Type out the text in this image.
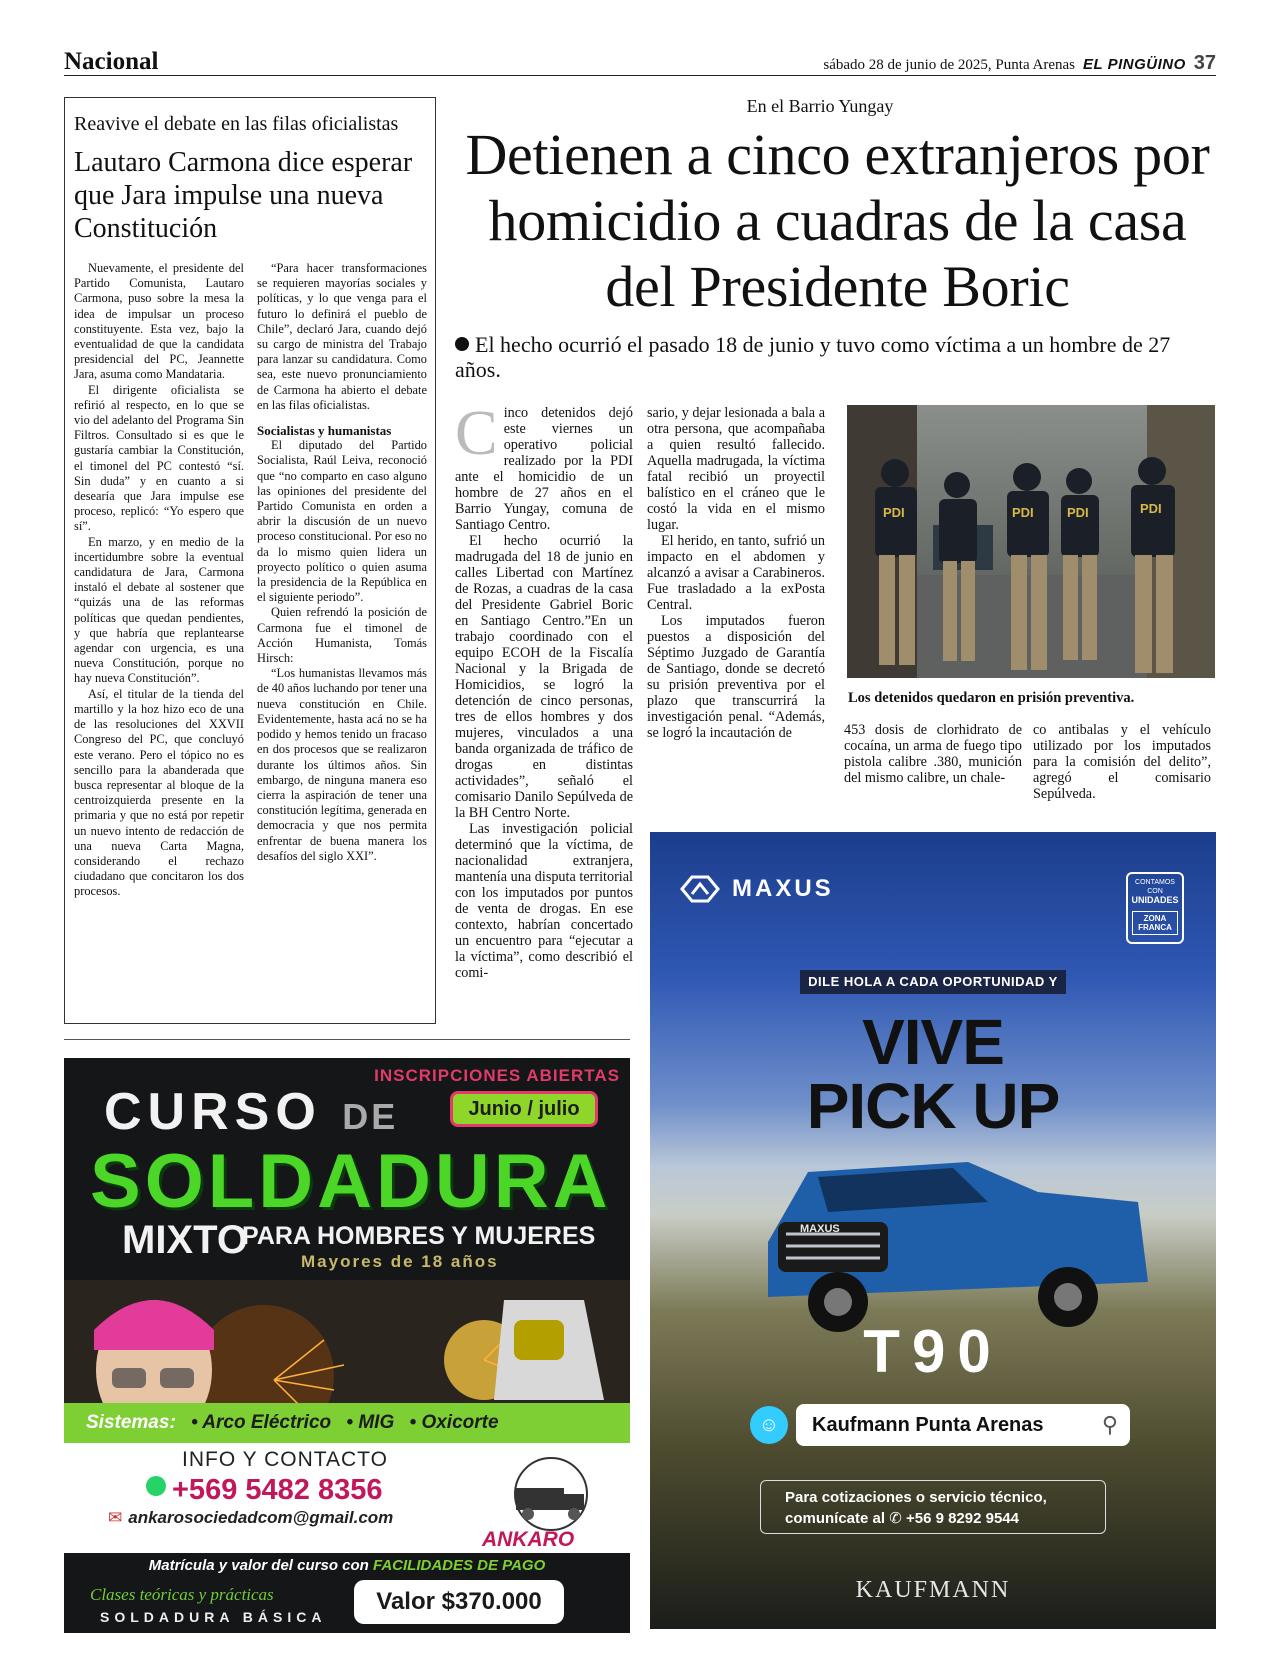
Nacional	sábado 28 de junio de 2025, Punta Arenas EL PINGÜINO 37
Reavive el debate en las filas oficialistas
Lautaro Carmona dice esperar que Jara impulse una nueva Constitución

Nuevamente, el presidente del Partido Comunista, Lautaro Carmona, puso sobre la mesa la idea de impulsar un proceso constituyente. Esta vez, bajo la eventualidad de que la candidata presidencial del PC, Jeannette Jara, asuma como Mandataria.

El dirigente oficialista se refirió al respecto, en lo que se vio del adelanto del Programa Sin Filtros. Consultado si es que le gustaría cambiar la Constitución, el timonel del PC contestó “sí. Sin duda” y en cuanto a si desearía que Jara impulse ese proceso, replicó: “Yo espero que sí”.

En marzo, y en medio de la incertidumbre sobre la eventual candidatura de Jara, Carmona instaló el debate al sostener que “quizás una de las reformas políticas que quedan pendientes, y que habría que replantearse agendar con urgencia, es una nueva Constitución, porque no hay nueva Constitución”.

Así, el titular de la tienda del martillo y la hoz hizo eco de una de las resoluciones del XXVII Congreso del PC, que concluyó este verano. Pero el tópico no es sencillo para la abanderada que busca representar al bloque de la centroizquierda presente en la primaria y que no está por repetir un nuevo intento de redacción de una nueva Carta Magna, considerando el rechazo ciudadano que concitaron los dos procesos.

“Para hacer transformaciones se requieren mayorías sociales y políticas, y lo que venga para el futuro lo definirá el pueblo de Chile”, declaró Jara, cuando dejó su cargo de ministra del Trabajo para lanzar su candidatura. Como sea, este nuevo pronunciamiento de Carmona ha abierto el debate en las filas oficialistas.

Socialistas y humanistas

El diputado del Partido Socialista, Raúl Leiva, reconoció que “no comparto en caso alguno las opiniones del presidente del Partido Comunista en orden a abrir la discusión de un nuevo proceso constitucional. Por eso no da lo mismo quien lidera un proyecto político o quien asuma la presidencia de la República en el siguiente periodo”.

Quien refrendó la posición de Carmona fue el timonel de Acción Humanista, Tomás Hirsch:

“Los humanistas llevamos más de 40 años luchando por tener una nueva constitución en Chile. Evidentemente, hasta acá no se ha podido y hemos tenido un fracaso en dos procesos que se realizaron durante los últimos años. Sin embargo, de ninguna manera eso cierra la aspiración de tener una constitución legítima, generada en democracia y que nos permita enfrentar de buena manera los desafíos del siglo XXI”.

En el Barrio Yungay
Detienen a cinco extranjeros por homicidio a cuadras de la casa del Presidente Boric
El hecho ocurrió el pasado 18 de junio y tuvo como víctima a un hombre de 27 años.

Cinco detenidos dejó este viernes un operativo policial realizado por la PDI ante el homicidio de un hombre de 27 años en el Barrio Yungay, comuna de Santiago Centro.

El hecho ocurrió la madrugada del 18 de junio en calles Libertad con Martínez de Rozas, a cuadras de la casa del Presidente Gabriel Boric en Santiago Centro.”En un trabajo coordinado con el equipo ECOH de la Fiscalía Nacional y la Brigada de Homicidios, se logró la detención de cinco personas, tres de ellos hombres y dos mujeres, vinculados a una banda organizada de tráfico de drogas en distintas actividades”, señaló el comisario Danilo Sepúlveda de la BH Centro Norte.

Las investigación policial determinó que la víctima, de nacionalidad extranjera, mantenía una disputa territorial con los imputados por puntos de venta de drogas. En ese contexto, habrían concertado un encuentro para “ejecutar a la víctima”, como describió el comi-

sario, y dejar lesionada a bala a otra persona, que acompañaba a quien resultó fallecido. Aquella madrugada, la víctima fatal recibió un proyectil balístico en el cráneo que le costó la vida en el mismo lugar.

El herido, en tanto, sufrió un impacto en el abdomen y alcanzó a avisar a Carabineros. Fue trasladado a la exPosta Central.

Los imputados fueron puestos a disposición del Séptimo Juzgado de Garantía de Santiago, donde se decretó su prisión preventiva por el plazo que transcurrirá la investigación penal. “Además, se logró la incautación de

PDI	PDI	PDI	PDI
Los detenidos quedaron en prisión preventiva.

453 dosis de clorhidrato de cocaína, un arma de fuego tipo pistola calibre .380, munición del mismo calibre, un chale-

co antibalas y el vehículo utilizado por los imputados para la comisión del delito”, agregó el comisario Sepúlveda.

INSCRIPCIONES ABIERTAS
CURSO DE	Junio / julio
SOLDADURA
MIXTO
PARA HOMBRES Y MUJERES
Mayores de 18 años
Sistemas: • Arco Eléctrico • MIG • Oxicorte
INFO Y CONTACTO
+569 5482 8356
✉ ankarosociedadcom@gmail.com
ANKARO
Matrícula y valor del curso con FACILIDADES DE PAGO
Clases teóricas y prácticas
SOLDADURA BÁSICA
Valor $370.000
MAXUS	CONTAMOS CON
UNIDADES
ZONA FRANCA
DILE HOLA A CADA OPORTUNIDAD Y
VIVE
PICK UP
MAXUS
T90
☺	Kaufmann Punta Arenas	⚲
Para cotizaciones o servicio técnico,
comunícate al ✆ +56 9 8292 9544
KAUFMANN
